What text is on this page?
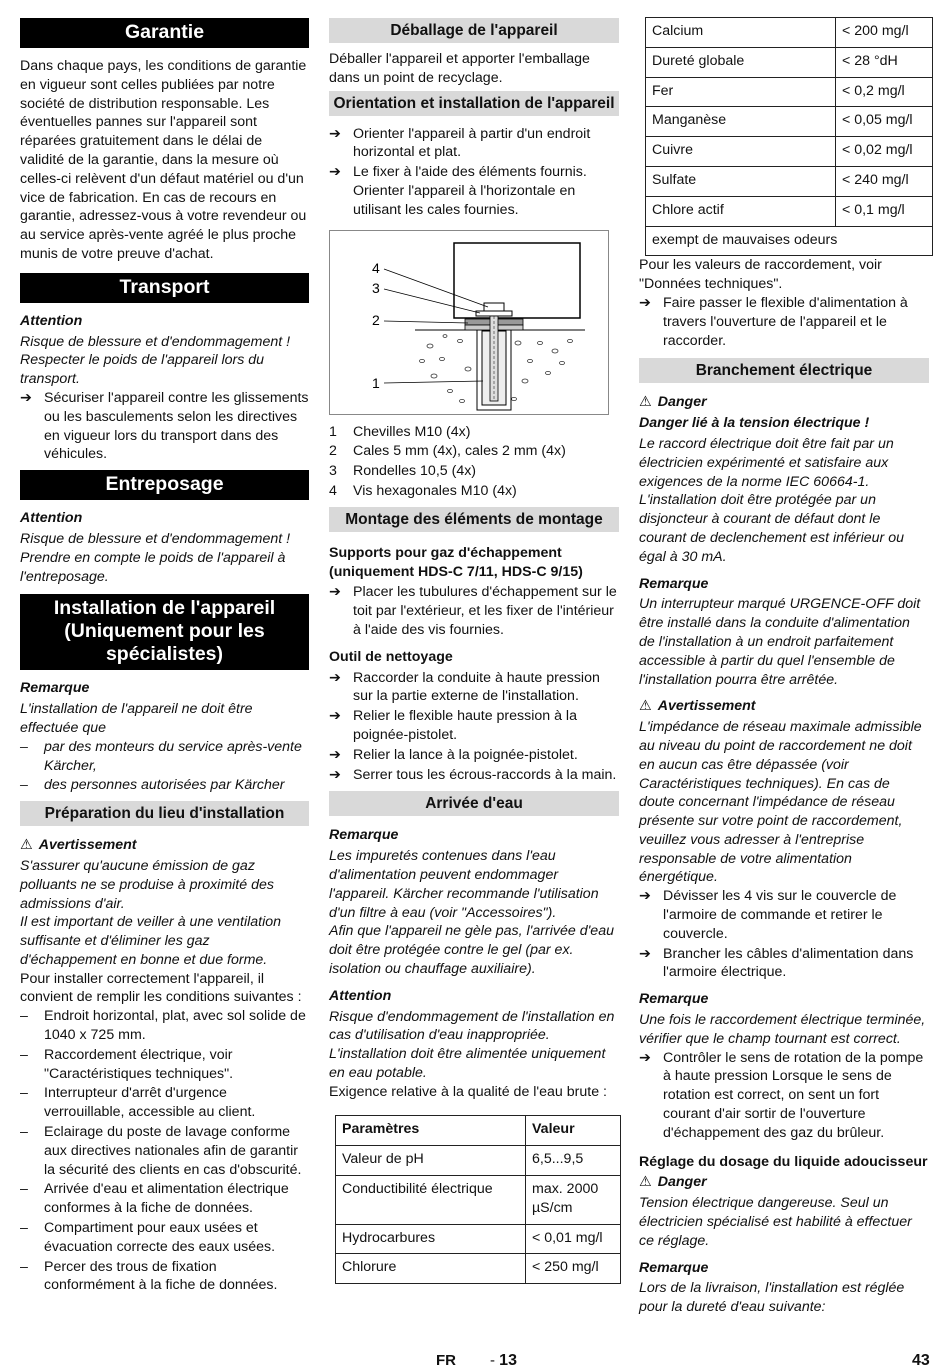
Garantie

Dans chaque pays, les conditions de garantie en vigueur sont celles publiées par notre société de distribution responsable. Les éventuelles pannes sur l'appareil sont réparées gratuitement dans le délai de validité de la garantie, dans la mesure où celles-ci relèvent d'un défaut matériel ou d'un vice de fabrication. En cas de recours en garantie, adressez-vous à votre revendeur ou au service après-vente agréé le plus proche munis de votre preuve d'achat.

Transport
Attention

Risque de blessure et d'endommagement ! Respecter le poids de l'appareil lors du transport.

➔ Sécuriser l'appareil contre les glissements ou les basculements selon les directives en vigueur lors du transport dans des véhicules.
Entreposage
Attention

Risque de blessure et d'endommagement ! Prendre en compte le poids de l'appareil à l'entreposage.

Installation de l'appareil (Uniquement pour les spécialistes)
Remarque

L'installation de l'appareil ne doit être effectuée que

–	par des monteurs du service après-vente Kärcher,
–	des personnes autorisées par Kärcher
Préparation du lieu d'installation
⚠ Avertissement

S'assurer qu'aucune émission de gaz polluants ne se produise à proximité des admissions d'air.

Il est important de veiller à une ventilation suffisante et d'éliminer les gaz d'échappement en bonne et due forme.

Pour installer correctement l'appareil, il convient de remplir les conditions suivantes :

–	Endroit horizontal, plat, avec sol solide de 1040 x 725 mm.
–	Raccordement électrique, voir "Caractéristiques techniques".
–	Interrupteur d'arrêt d'urgence verrouillable, accessible au client.
–	Eclairage du poste de lavage conforme aux directives nationales afin de garantir la sécurité des clients en cas d'obscurité.
–	Arrivée d'eau et alimentation électrique conformes à la fiche de données.
–	Compartiment pour eaux usées et évacuation correcte des eaux usées.
–	Percer des trous de fixation conformément à la fiche de données.
Déballage de l'appareil

Déballer l'appareil et apporter l'emballage dans un point de recyclage.

Orientation et installation de l'appareil
➔ Orienter l'appareil à partir d'un endroit horizontal et plat.
➔ Le fixer à l'aide des éléments fournis. Orienter l'appareil à l'horizontale en utilisant les cales fournies.
4
3
2
1
1	Chevilles M10 (4x)
2	Cales 5 mm (4x), cales 2 mm (4x)
3	Rondelles 10,5 (4x)
4	Vis hexagonales M10 (4x)
Montage des éléments de montage
Supports pour gaz d'échappement (uniquement HDS-C 7/11, HDS-C 9/15)
➔ Placer les tubulures d'échappement sur le toit par l'extérieur, et les fixer de l'intérieur à l'aide des vis fournies.
Outil de nettoyage
➔ Raccorder la conduite à haute pression sur la partie externe de l'installation.
➔ Relier le flexible haute pression à la poignée-pistolet.
➔ Relier la lance à la poignée-pistolet.
➔ Serrer tous les écrous-raccords à la main.
Arrivée d'eau
Remarque

Les impuretés contenues dans l'eau d'alimentation peuvent endommager l'appareil. Kärcher recommande l'utilisation d'un filtre à eau (voir "Accessoires").

Afin que l'appareil ne gèle pas, l'arrivée d'eau doit être protégée contre le gel (par ex. isolation ou chauffage auxiliaire).

Attention

Risque d'endommagement de l'installation en cas d'utilisation d'eau inappropriée. L'installation doit être alimentée uniquement en eau potable.

Exigence relative à la qualité de l'eau brute :

Paramètres	Valeur
Valeur de pH	6,5...9,5
Conductibilité électrique	max. 2000 µS/cm
Hydrocarbures	< 0,01 mg/l
Chlorure	< 250 mg/l
Calcium	< 200 mg/l
Dureté globale	< 28 °dH
Fer	< 0,2 mg/l
Manganèse	< 0,05 mg/l
Cuivre	< 0,02 mg/l
Sulfate	< 240 mg/l
Chlore actif	< 0,1 mg/l
exempt de mauvaises odeurs	

Pour les valeurs de raccordement, voir "Données techniques".

➔ Faire passer le flexible d'alimentation à travers l'ouverture de l'appareil et le raccorder.
Branchement électrique
⚠ Danger
Danger lié à la tension électrique !

Le raccord électrique doit être fait par un électricien expérimenté et satisfaire aux exigences de la norme IEC 60664-1.

L'installation doit être protégée par un disjoncteur à courant de défaut dont le courant de declenchement est inférieur ou égal à 30 mA.

Remarque

Un interrupteur marqué URGENCE-OFF doit être installé dans la conduite d'alimentation de l'installation à un endroit parfaitement accessible à partir du quel l'ensemble de l'installation pourra être arrêtée.

⚠ Avertissement

L'impédance de réseau maximale admissible au niveau du point de raccordement ne doit en aucun cas être dépassée (voir Caractéristiques techniques). En cas de doute concernant l'impédance de réseau présente sur votre point de raccordement, veuillez vous adresser à l'entreprise responsable de votre alimentation énergétique.

➔ Dévisser les 4 vis sur le couvercle de l'armoire de commande et retirer le couvercle.
➔ Brancher les câbles d'alimentation dans l'armoire électrique.
Remarque

Une fois le raccordement électrique terminée, vérifier que le champ tournant est correct.

➔ Contrôler le sens de rotation de la pompe à haute pression Lorsque le sens de rotation est correct, on sent un fort courant d'air sortir de l'ouverture d'échappement des gaz du brûleur.
Réglage du dosage du liquide adoucisseur
⚠ Danger

Tension électrique dangereuse. Seul un électricien spécialisé est habilité à effectuer ce réglage.

Remarque

Lors de la livraison, l'installation est réglée pour la dureté d'eau suivante:

FR - 13	43
